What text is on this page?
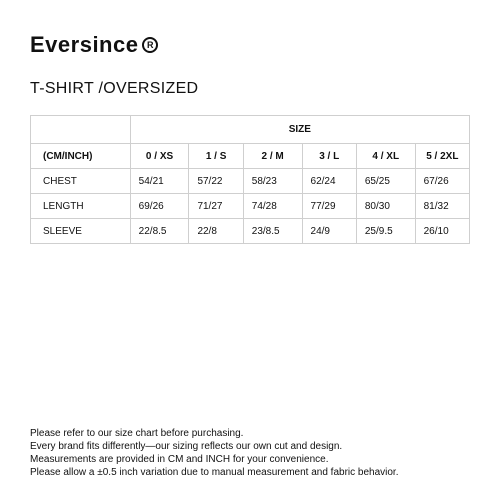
Eversince R
T-SHIRT /OVERSIZED
	SIZE					
(CM/INCH)	0 / XS	1 / S	2 / M	3 / L	4 / XL	5 / 2XL
CHEST	54/21	57/22	58/23	62/24	65/25	67/26
LENGTH	69/26	71/27	74/28	77/29	80/30	81/32
SLEEVE	22/8.5	22/8	23/8.5	24/9	25/9.5	26/10

Please refer to our size chart before purchasing.

Every brand fits differently—our sizing reflects our own cut and design.

Measurements are provided in CM and INCH for your convenience.

Please allow a ±0.5 inch variation due to manual measurement and fabric behavior.
